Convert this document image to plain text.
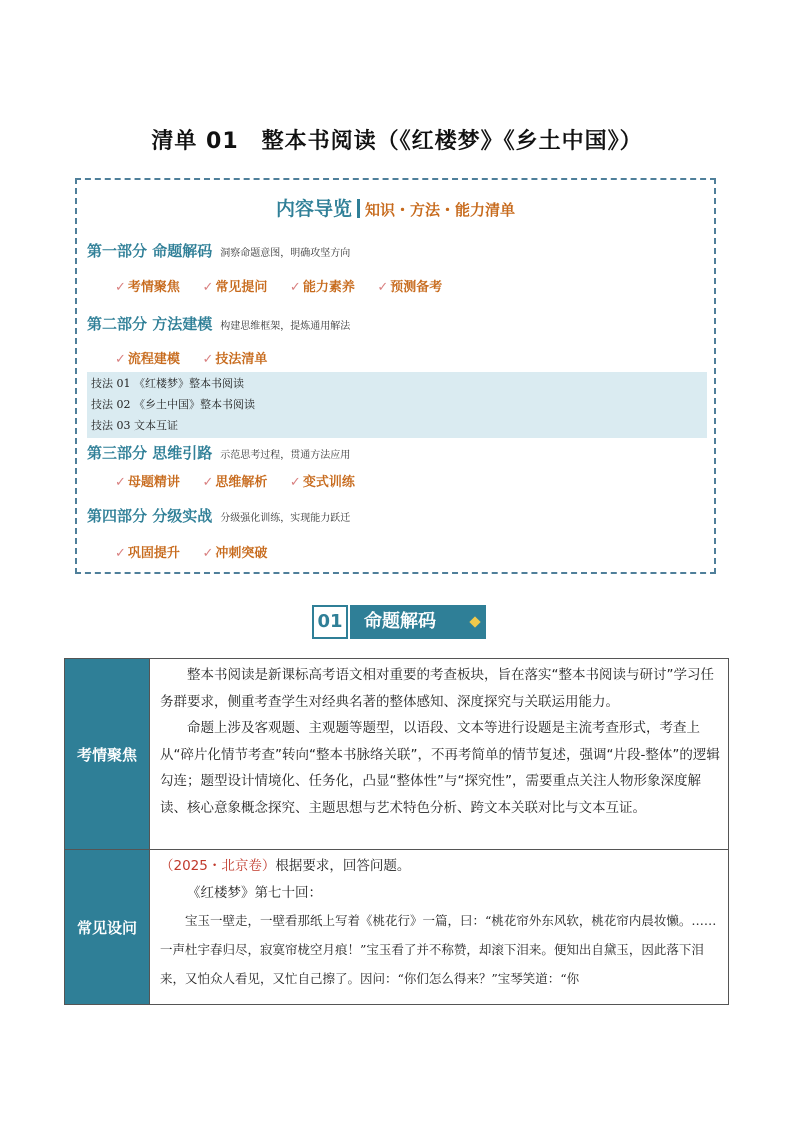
清单 01　整本书阅读（《红楼梦》《乡土中国》）
内容导览 知识・方法・能力清单
第一部分 命题解码 洞察命题意图，明确攻坚方向
✓ 考情聚焦 ✓ 常见提问 ✓ 能力素养 ✓ 预测备考
第二部分 方法建模 构建思维框架，提炼通用解法
✓ 流程建模 ✓ 技法清单
技法 01 《红楼梦》整本书阅读
技法 02 《乡土中国》整本书阅读
技法 03 文本互证
第三部分 思维引路 示范思考过程，贯通方法应用
✓ 母题精讲 ✓ 思维解析 ✓ 变式训练
第四部分 分级实战 分级强化训练，实现能力跃迁
✓ 巩固提升 ✓ 冲刺突破
01	命题解码
考情聚焦	整本书阅读是新课标高考语文相对重要的考查板块，旨在落实“整本书阅读与研讨”学习任务群要求，侧重考查学生对经典名著的整体感知、深度探究与关联运用能力。

命题上涉及客观题、主观题等题型，以语段、文本等进行设题是主流考查形式，考查上从“碎片化情节考查”转向“整本书脉络关联”，不再考简单的情节复述，强调“片段-整体”的逻辑勾连；题型设计情境化、任务化，凸显“整体性”与“探究性”，需要重点关注人物形象深度解读、核心意象概念探究、主题思想与艺术特色分析、跨文本关联对比与文本互证。

常见设问	（2025・北京卷）根据要求，回答问题。

《红楼梦》第七十回：

宝玉一壁走，一壁看那纸上写着《桃花行》一篇，曰：“桃花帘外东风软，桃花帘内晨妆懒。……一声杜宇春归尽，寂寞帘栊空月痕！”宝玉看了并不称赞，却滚下泪来。便知出自黛玉，因此落下泪来，又怕众人看见，又忙自己擦了。因问：“你们怎么得来？”宝琴笑道：“你
